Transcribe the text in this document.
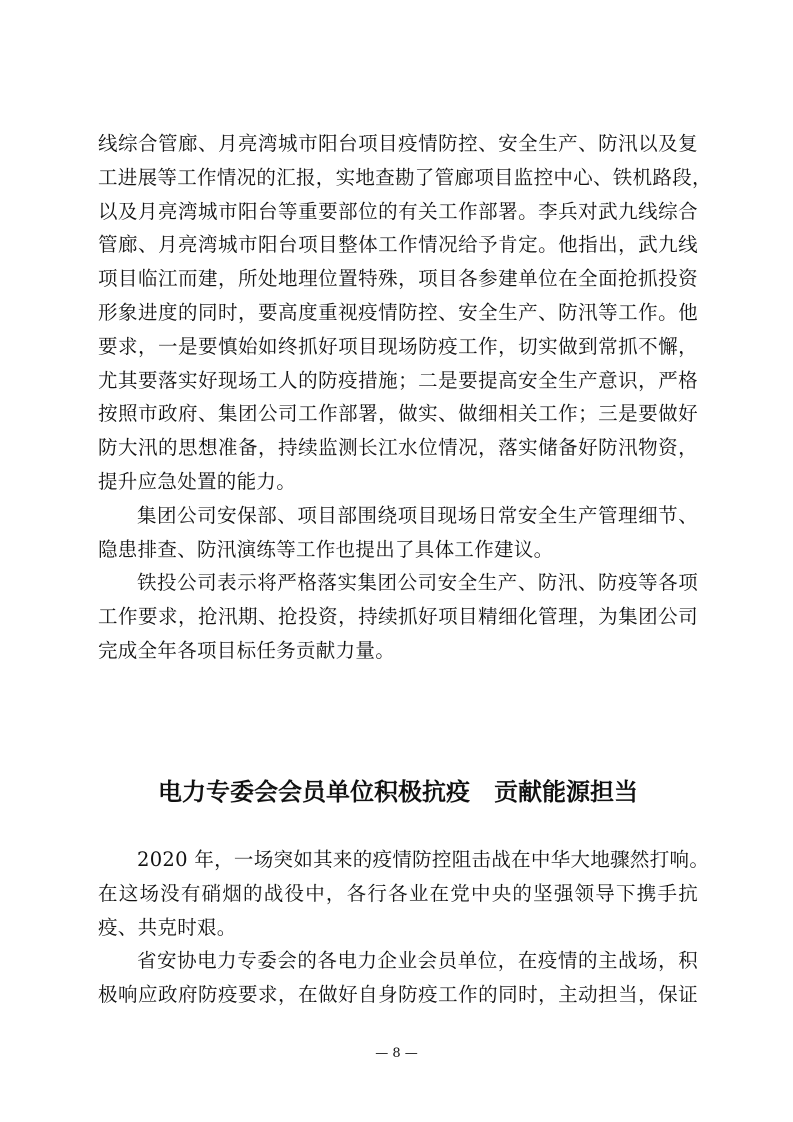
线综合管廊、月亮湾城市阳台项目疫情防控、安全生产、防汛以及复
工进展等工作情况的汇报，实地查勘了管廊项目监控中心、铁机路段，
以及月亮湾城市阳台等重要部位的有关工作部署。李兵对武九线综合
管廊、月亮湾城市阳台项目整体工作情况给予肯定。他指出，武九线
项目临江而建，所处地理位置特殊，项目各参建单位在全面抢抓投资
形象进度的同时，要高度重视疫情防控、安全生产、防汛等工作。他
要求，一是要慎始如终抓好项目现场防疫工作，切实做到常抓不懈，
尤其要落实好现场工人的防疫措施；二是要提高安全生产意识，严格
按照市政府、集团公司工作部署，做实、做细相关工作；三是要做好
防大汛的思想准备，持续监测长江水位情况，落实储备好防汛物资，
提升应急处置的能力。
集团公司安保部、项目部围绕项目现场日常安全生产管理细节、
隐患排查、防汛演练等工作也提出了具体工作建议。
铁投公司表示将严格落实集团公司安全生产、防汛、防疫等各项
工作要求，抢汛期、抢投资，持续抓好项目精细化管理，为集团公司
完成全年各项目标任务贡献力量。
电力专委会会员单位积极抗疫 贡献能源担当
2020 年，一场突如其来的疫情防控阻击战在中华大地骤然打响。
在这场没有硝烟的战役中，各行各业在党中央的坚强领导下携手抗
疫、共克时艰。
省安协电力专委会的各电力企业会员单位，在疫情的主战场，积
极响应政府防疫要求，在做好自身防疫工作的同时，主动担当，保证
— 8 —
